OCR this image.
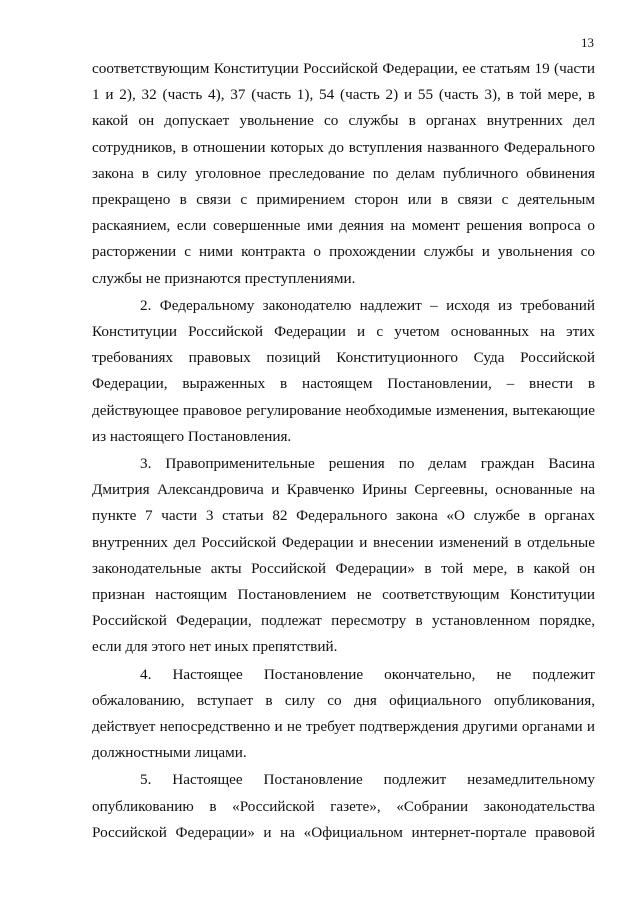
13

соответствующим Конституции Российской Федерации, ее статьям 19 (части 1 и 2), 32 (часть 4), 37 (часть 1), 54 (часть 2) и 55 (часть 3), в той мере, в какой он допускает увольнение со службы в органах внутренних дел сотрудников, в отношении которых до вступления названного Федерального закона в силу уголовное преследование по делам публичного обвинения прекращено в связи с примирением сторон или в связи с деятельным раскаянием, если совершенные ими деяния на момент решения вопроса о расторжении с ними контракта о прохождении службы и увольнения со службы не признаются преступлениями.

2. Федеральному законодателю надлежит – исходя из требований Конституции Российской Федерации и с учетом основанных на этих требованиях правовых позиций Конституционного Суда Российской Федерации, выраженных в настоящем Постановлении, – внести в действующее правовое регулирование необходимые изменения, вытекающие из настоящего Постановления.

3. Правоприменительные решения по делам граждан Васина Дмитрия Александровича и Кравченко Ирины Сергеевны, основанные на пункте 7 части 3 статьи 82 Федерального закона «О службе в органах внутренних дел Российской Федерации и внесении изменений в отдельные законодательные акты Российской Федерации» в той мере, в какой он признан настоящим Постановлением не соответствующим Конституции Российской Федерации, подлежат пересмотру в установленном порядке, если для этого нет иных препятствий.

4. Настоящее Постановление окончательно, не подлежит обжалованию, вступает в силу со дня официального опубликования, действует непосредственно и не требует подтверждения другими органами и должностными лицами.

5. Настоящее Постановление подлежит незамедлительному опубликованию в «Российской газете», «Собрании законодательства Российской Федерации» и на «Официальном интернет-портале правовой
